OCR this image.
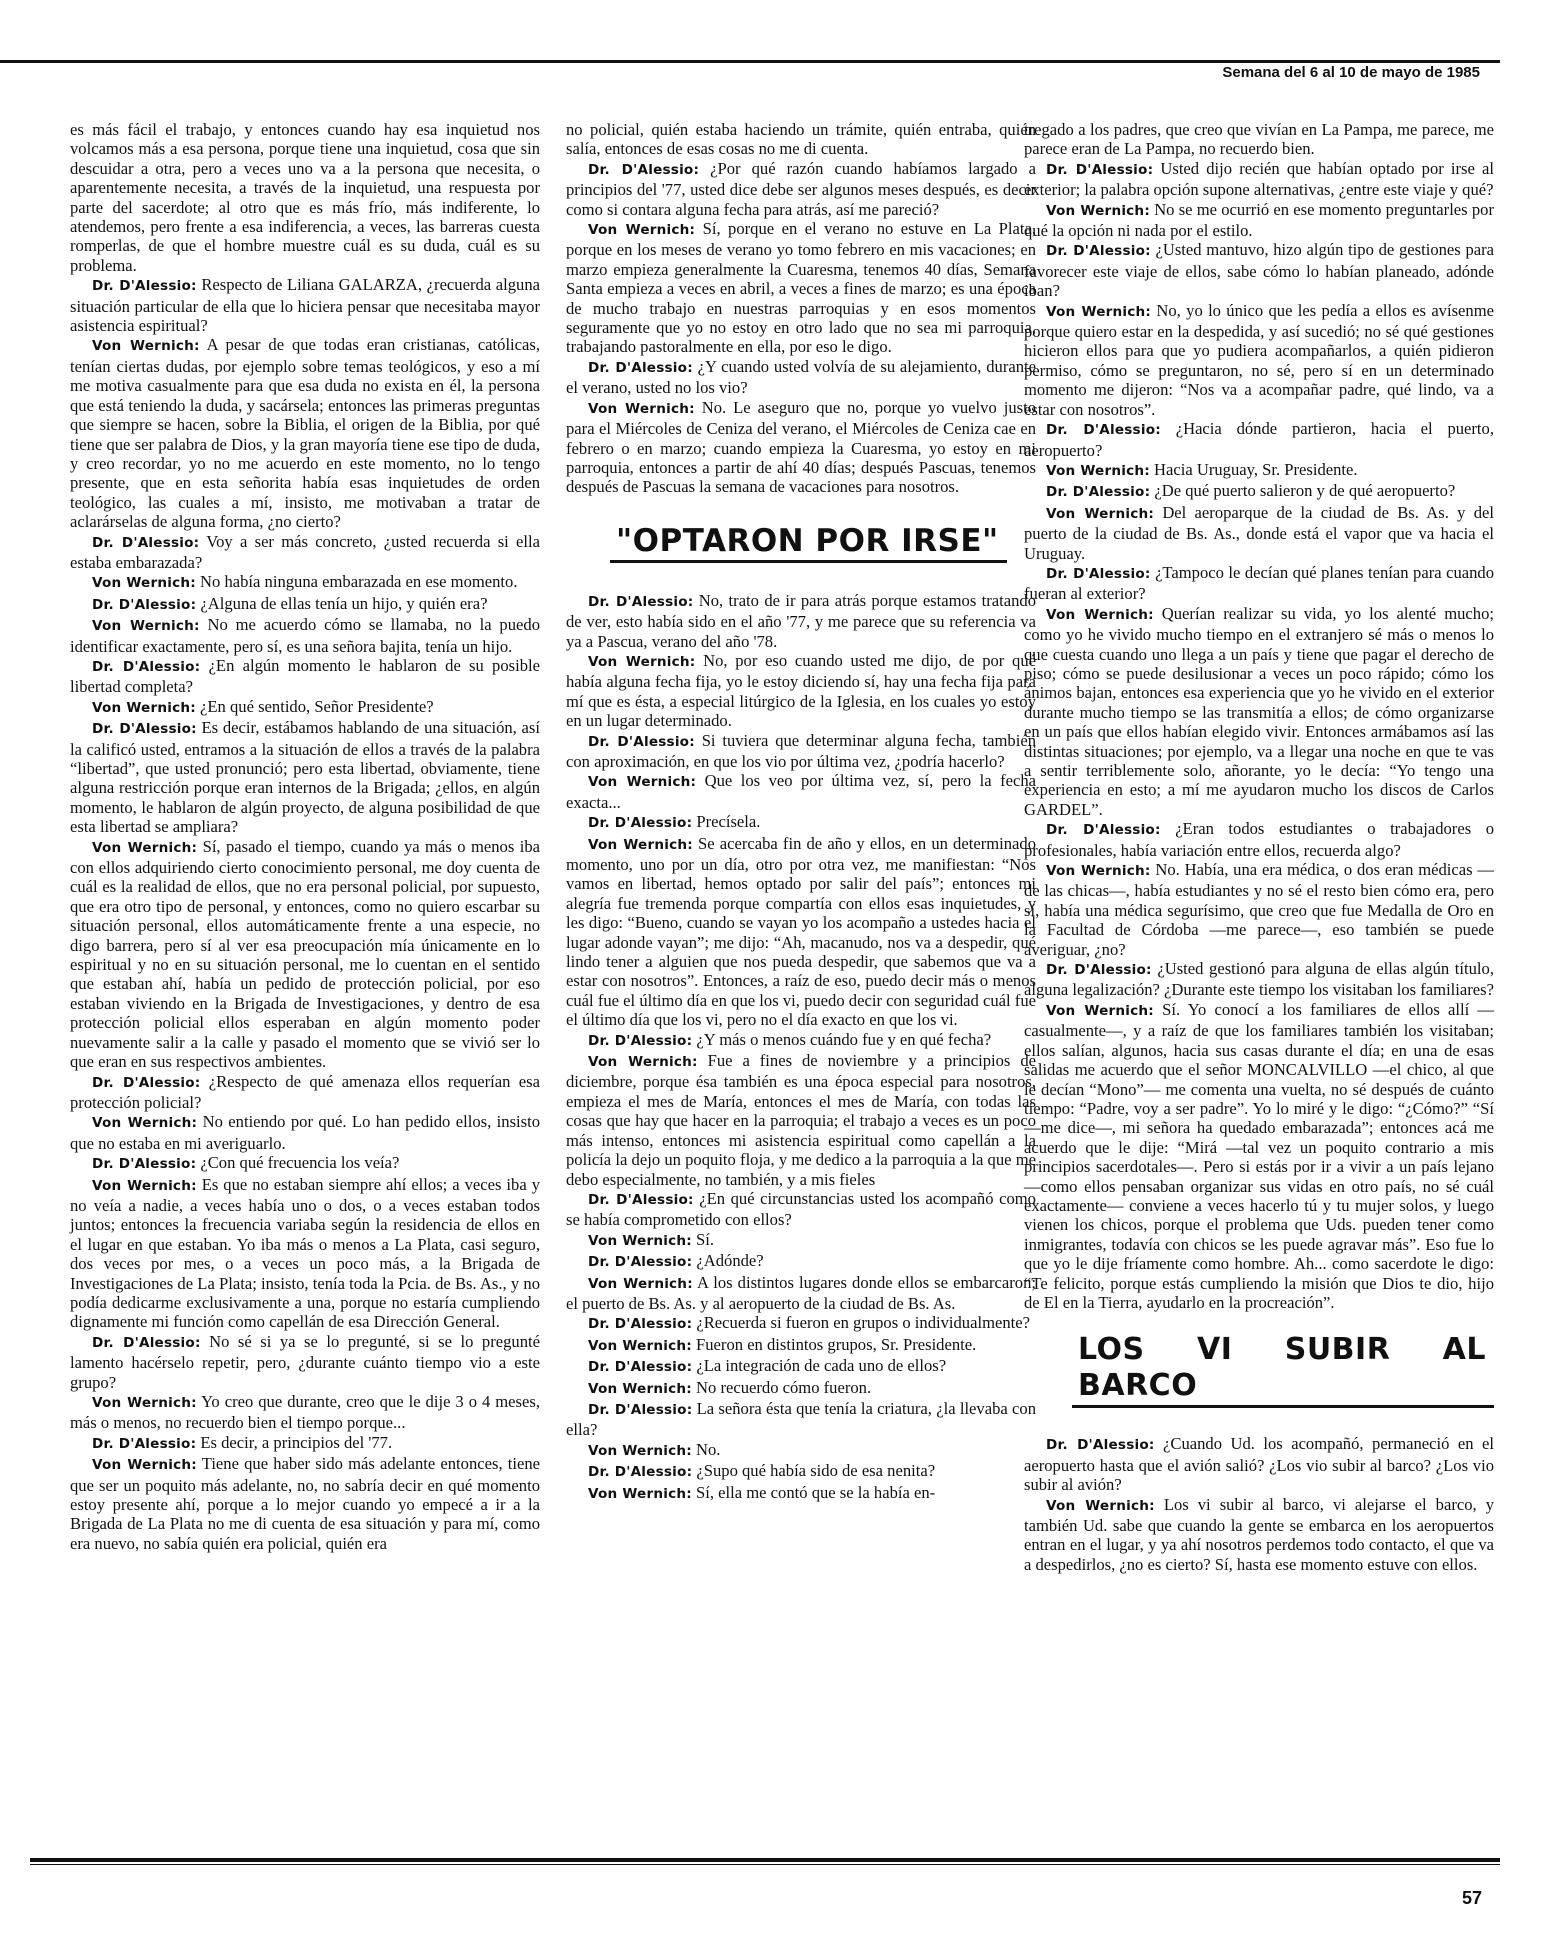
Semana del 6 al 10 de mayo de 1985

es más fácil el trabajo, y entonces cuando hay esa inquietud nos volcamos más a esa persona, porque tiene una inquietud, cosa que sin descuidar a otra, pero a veces uno va a la persona que necesita, o aparentemente necesita, a través de la inquietud, una respuesta por parte del sacerdote; al otro que es más frío, más indiferente, lo atendemos, pero frente a esa indiferencia, a veces, las barreras cuesta romperlas, de que el hombre muestre cuál es su duda, cuál es su problema.

Dr. D'Alessio: Respecto de Liliana GALARZA, ¿recuerda alguna situación particular de ella que lo hiciera pensar que necesitaba mayor asistencia espiritual?

Von Wernich: A pesar de que todas eran cristianas, católicas, tenían ciertas dudas, por ejemplo sobre temas teológicos, y eso a mí me motiva casualmente para que esa duda no exista en él, la persona que está teniendo la duda, y sacársela; entonces las primeras preguntas que siempre se hacen, sobre la Biblia, el origen de la Biblia, por qué tiene que ser palabra de Dios, y la gran mayoría tiene ese tipo de duda, y creo recordar, yo no me acuerdo en este momento, no lo tengo presente, que en esta señorita había esas inquietudes de orden teológico, las cuales a mí, insisto, me motivaban a tratar de aclarárselas de alguna forma, ¿no cierto?

Dr. D'Alessio: Voy a ser más concreto, ¿usted recuerda si ella estaba embarazada?

Von Wernich: No había ninguna embarazada en ese momento.

Dr. D'Alessio: ¿Alguna de ellas tenía un hijo, y quién era?

Von Wernich: No me acuerdo cómo se llamaba, no la puedo identificar exactamente, pero sí, es una señora bajita, tenía un hijo.

Dr. D'Alessio: ¿En algún momento le hablaron de su posible libertad completa?

Von Wernich: ¿En qué sentido, Señor Presidente?

Dr. D'Alessio: Es decir, estábamos hablando de una situación, así la calificó usted, entramos a la situación de ellos a través de la palabra “libertad”, que usted pronunció; pero esta libertad, obviamente, tiene alguna restricción porque eran internos de la Brigada; ¿ellos, en algún momento, le hablaron de algún proyecto, de alguna posibilidad de que esta libertad se ampliara?

Von Wernich: Sí, pasado el tiempo, cuando ya más o menos iba con ellos adquiriendo cierto conocimiento personal, me doy cuenta de cuál es la realidad de ellos, que no era personal policial, por supuesto, que era otro tipo de personal, y entonces, como no quiero escarbar su situación personal, ellos automáticamente frente a una especie, no digo barrera, pero sí al ver esa preocupación mía únicamente en lo espiritual y no en su situación personal, me lo cuentan en el sentido que estaban ahí, había un pedido de protección policial, por eso estaban viviendo en la Brigada de Investigaciones, y dentro de esa protección policial ellos esperaban en algún momento poder nuevamente salir a la calle y pasado el momento que se vivió ser lo que eran en sus respectivos ambientes.

Dr. D'Alessio: ¿Respecto de qué amenaza ellos requerían esa protección policial?

Von Wernich: No entiendo por qué. Lo han pedido ellos, insisto que no estaba en mi averiguarlo.

Dr. D'Alessio: ¿Con qué frecuencia los veía?

Von Wernich: Es que no estaban siempre ahí ellos; a veces iba y no veía a nadie, a veces había uno o dos, o a veces estaban todos juntos; entonces la frecuencia variaba según la residencia de ellos en el lugar en que estaban. Yo iba más o menos a La Plata, casi seguro, dos veces por mes, o a veces un poco más, a la Brigada de Investigaciones de La Plata; insisto, tenía toda la Pcia. de Bs. As., y no podía dedicarme exclusivamente a una, porque no estaría cumpliendo dignamente mi función como capellán de esa Dirección General.

Dr. D'Alessio: No sé si ya se lo pregunté, si se lo pregunté lamento hacérselo repetir, pero, ¿durante cuánto tiempo vio a este grupo?

Von Wernich: Yo creo que durante, creo que le dije 3 o 4 meses, más o menos, no recuerdo bien el tiempo porque...

Dr. D'Alessio: Es decir, a principios del '77.

Von Wernich: Tiene que haber sido más adelante entonces, tiene que ser un poquito más adelante, no, no sabría decir en qué momento estoy presente ahí, porque a lo mejor cuando yo empecé a ir a la Brigada de La Plata no me di cuenta de esa situación y para mí, como era nuevo, no sabía quién era policial, quién era

no policial, quién estaba haciendo un trámite, quién entraba, quién salía, entonces de esas cosas no me di cuenta.

Dr. D'Alessio: ¿Por qué razón cuando habíamos largado a principios del '77, usted dice debe ser algunos meses después, es decir como si contara alguna fecha para atrás, así me pareció?

Von Wernich: Sí, porque en el verano no estuve en La Plata, porque en los meses de verano yo tomo febrero en mis vacaciones; en marzo empieza generalmente la Cuaresma, tenemos 40 días, Semana Santa empieza a veces en abril, a veces a fines de marzo; es una época de mucho trabajo en nuestras parroquias y en esos momentos seguramente que yo no estoy en otro lado que no sea mi parroquia, trabajando pastoralmente en ella, por eso le digo.

Dr. D'Alessio: ¿Y cuando usted volvía de su alejamiento, durante el verano, usted no los vio?

Von Wernich: No. Le aseguro que no, porque yo vuelvo justo para el Miércoles de Ceniza del verano, el Miércoles de Ceniza cae en febrero o en marzo; cuando empieza la Cuaresma, yo estoy en mi parroquia, entonces a partir de ahí 40 días; después Pascuas, tenemos después de Pascuas la semana de vacaciones para nosotros.

"OPTARON POR IRSE"

Dr. D'Alessio: No, trato de ir para atrás porque estamos tratando de ver, esto había sido en el año '77, y me parece que su referencia va ya a Pascua, verano del año '78.

Von Wernich: No, por eso cuando usted me dijo, de por qué había alguna fecha fija, yo le estoy diciendo sí, hay una fecha fija para mí que es ésta, a especial litúrgico de la Iglesia, en los cuales yo estoy en un lugar determinado.

Dr. D'Alessio: Si tuviera que determinar alguna fecha, también con aproximación, en que los vio por última vez, ¿podría hacerlo?

Von Wernich: Que los veo por última vez, sí, pero la fecha exacta...

Dr. D'Alessio: Precísela.

Von Wernich: Se acercaba fin de año y ellos, en un determinado momento, uno por un día, otro por otra vez, me manifiestan: “Nos vamos en libertad, hemos optado por salir del país”; entonces mi alegría fue tremenda porque compartía con ellos esas inquietudes, y les digo: “Bueno, cuando se vayan yo los acompaño a ustedes hacia el lugar adonde vayan”; me dijo: “Ah, macanudo, nos va a despedir, qué lindo tener a alguien que nos pueda despedir, que sabemos que va a estar con nosotros”. Entonces, a raíz de eso, puedo decir más o menos cuál fue el último día en que los vi, puedo decir con seguridad cuál fue el último día que los vi, pero no el día exacto en que los vi.

Dr. D'Alessio: ¿Y más o menos cuándo fue y en qué fecha?

Von Wernich: Fue a fines de noviembre y a principios de diciembre, porque ésa también es una época especial para nosotros, empieza el mes de María, entonces el mes de María, con todas las cosas que hay que hacer en la parroquia; el trabajo a veces es un poco más intenso, entonces mi asistencia espiritual como capellán a la policía la dejo un poquito floja, y me dedico a la parroquia a la que me debo especialmente, no también, y a mis fieles

Dr. D'Alessio: ¿En qué circunstancias usted los acompañó como se había comprometido con ellos?

Von Wernich: Sí.

Dr. D'Alessio: ¿Adónde?

Von Wernich: A los distintos lugares donde ellos se embarcaron; el puerto de Bs. As. y al aeropuerto de la ciudad de Bs. As.

Dr. D'Alessio: ¿Recuerda si fueron en grupos o individualmente?

Von Wernich: Fueron en distintos grupos, Sr. Presidente.

Dr. D'Alessio: ¿La integración de cada uno de ellos?

Von Wernich: No recuerdo cómo fueron.

Dr. D'Alessio: La señora ésta que tenía la criatura, ¿la llevaba con ella?

Von Wernich: No.

Dr. D'Alessio: ¿Supo qué había sido de esa nenita?

Von Wernich: Sí, ella me contó que se la había en-

tregado a los padres, que creo que vivían en La Pampa, me parece, me parece eran de La Pampa, no recuerdo bien.

Dr. D'Alessio: Usted dijo recién que habían optado por irse al exterior; la palabra opción supone alternativas, ¿entre este viaje y qué?

Von Wernich: No se me ocurrió en ese momento preguntarles por qué la opción ni nada por el estilo.

Dr. D'Alessio: ¿Usted mantuvo, hizo algún tipo de gestiones para favorecer este viaje de ellos, sabe cómo lo habían planeado, adónde iban?

Von Wernich: No, yo lo único que les pedía a ellos es avísenme porque quiero estar en la despedida, y así sucedió; no sé qué gestiones hicieron ellos para que yo pudiera acompañarlos, a quién pidieron permiso, cómo se preguntaron, no sé, pero sí en un determinado momento me dijeron: “Nos va a acompañar padre, qué lindo, va a estar con nosotros”.

Dr. D'Alessio: ¿Hacia dónde partieron, hacia el puerto, aeropuerto?

Von Wernich: Hacia Uruguay, Sr. Presidente.

Dr. D'Alessio: ¿De qué puerto salieron y de qué aeropuerto?

Von Wernich: Del aeroparque de la ciudad de Bs. As. y del puerto de la ciudad de Bs. As., donde está el vapor que va hacia el Uruguay.

Dr. D'Alessio: ¿Tampoco le decían qué planes tenían para cuando fueran al exterior?

Von Wernich: Querían realizar su vida, yo los alenté mucho; como yo he vivido mucho tiempo en el extranjero sé más o menos lo que cuesta cuando uno llega a un país y tiene que pagar el derecho de piso; cómo se puede desilusionar a veces un poco rápido; cómo los ánimos bajan, entonces esa experiencia que yo he vivido en el exterior durante mucho tiempo se las transmitía a ellos; de cómo organizarse en un país que ellos habían elegido vivir. Entonces armábamos así las distintas situaciones; por ejemplo, va a llegar una noche en que te vas a sentir terriblemente solo, añorante, yo le decía: “Yo tengo una experiencia en esto; a mí me ayudaron mucho los discos de Carlos GARDEL”.

Dr. D'Alessio: ¿Eran todos estudiantes o trabajadores o profesionales, había variación entre ellos, recuerda algo?

Von Wernich: No. Había, una era médica, o dos eran médicas —de las chicas—, había estudiantes y no sé el resto bien cómo era, pero sí, había una médica segurísimo, que creo que fue Medalla de Oro en la Facultad de Córdoba —me parece—, eso también se puede averiguar, ¿no?

Dr. D'Alessio: ¿Usted gestionó para alguna de ellas algún título, alguna legalización? ¿Durante este tiempo los visitaban los familiares?

Von Wernich: Sí. Yo conocí a los familiares de ellos allí —casualmente—, y a raíz de que los familiares también los visitaban; ellos salían, algunos, hacia sus casas durante el día; en una de esas salidas me acuerdo que el señor MONCALVILLO —el chico, al que le decían “Mono”— me comenta una vuelta, no sé después de cuánto tiempo: “Padre, voy a ser padre”. Yo lo miré y le digo: “¿Cómo?” “Sí —me dice—, mi señora ha quedado embarazada”; entonces acá me acuerdo que le dije: “Mirá —tal vez un poquito contrario a mis principios sacerdotales—. Pero si estás por ir a vivir a un país lejano —como ellos pensaban organizar sus vidas en otro país, no sé cuál exactamente— conviene a veces hacerlo tú y tu mujer solos, y luego vienen los chicos, porque el problema que Uds. pueden tener como inmigrantes, todavía con chicos se les puede agravar más”. Eso fue lo que yo le dije fríamente como hombre. Ah... como sacerdote le digo: “Te felicito, porque estás cumpliendo la misión que Dios te dio, hijo de El en la Tierra, ayudarlo en la procreación”.

LOS VI SUBIR AL BARCO

Dr. D'Alessio: ¿Cuando Ud. los acompañó, permaneció en el aeropuerto hasta que el avión salió? ¿Los vio subir al barco? ¿Los vio subir al avión?

Von Wernich: Los vi subir al barco, vi alejarse el barco, y también Ud. sabe que cuando la gente se embarca en los aeropuertos entran en el lugar, y ya ahí nosotros perdemos todo contacto, el que va a despedirlos, ¿no es cierto? Sí, hasta ese momento estuve con ellos.

57
